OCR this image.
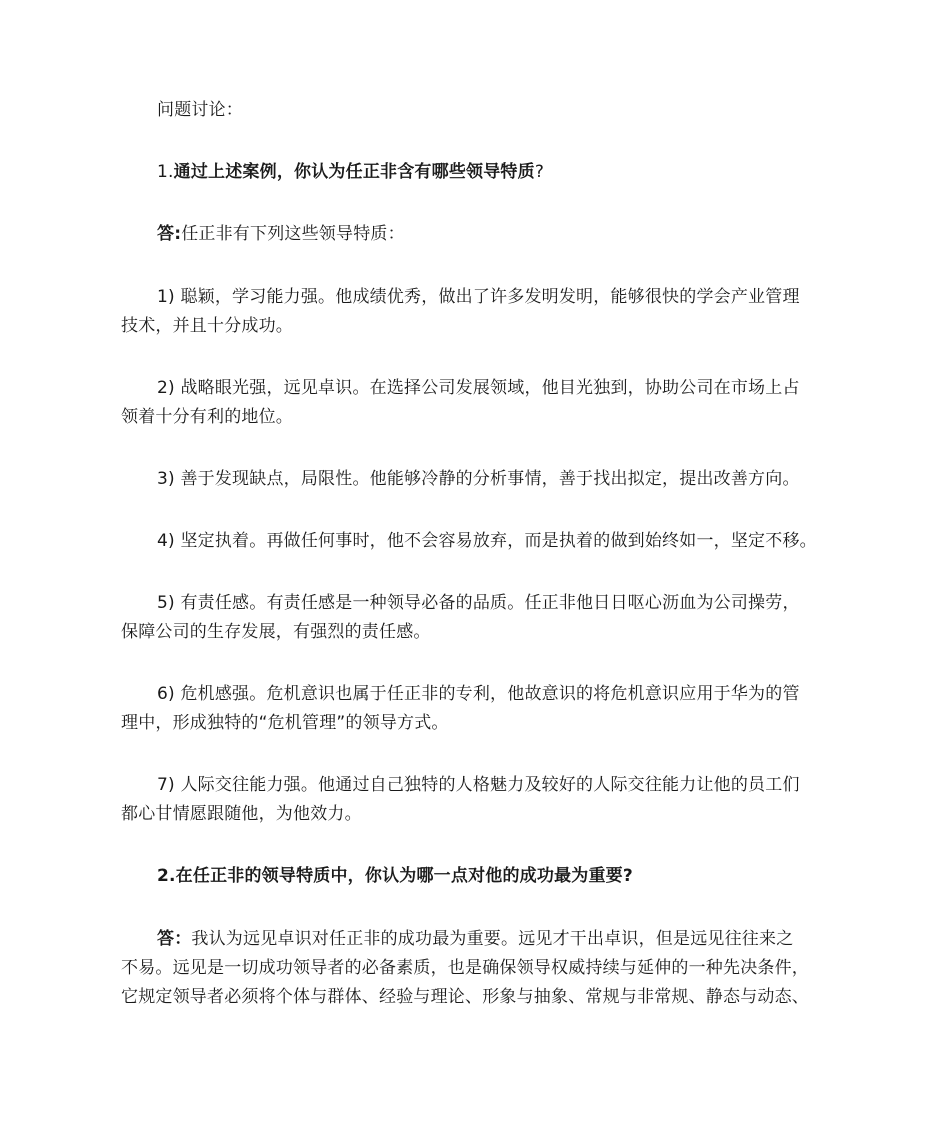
问题讨论：

1.通过上述案例，你认为任正非含有哪些领导特质?

答:任正非有下列这些领导特质：

1) 聪颖，学习能力强。他成绩优秀，做出了许多发明发明，能够很快的学会产业管理
技术，并且十分成功。

2) 战略眼光强，远见卓识。在选择公司发展领域，他目光独到，协助公司在市场上占
领着十分有利的地位。

3) 善于发现缺点，局限性。他能够冷静的分析事情，善于找出拟定，提出改善方向。

4) 坚定执着。再做任何事时，他不会容易放弃，而是执着的做到始终如一，坚定不移。

5) 有责任感。有责任感是一种领导必备的品质。任正非他日日呕心沥血为公司操劳，
保障公司的生存发展，有强烈的责任感。

6) 危机感强。危机意识也属于任正非的专利，他故意识的将危机意识应用于华为的管
理中，形成独特的“危机管理”的领导方式。

7) 人际交往能力强。他通过自己独特的人格魅力及较好的人际交往能力让他的员工们
都心甘情愿跟随他，为他效力。

2.在任正非的领导特质中，你认为哪一点对他的成功最为重要?

答：我认为远见卓识对任正非的成功最为重要。远见才干出卓识，但是远见往往来之
不易。远见是一切成功领导者的必备素质，也是确保领导权威持续与延伸的一种先决条件，
它规定领导者必须将个体与群体、经验与理论、形象与抽象、常规与非常规、静态与动态、
